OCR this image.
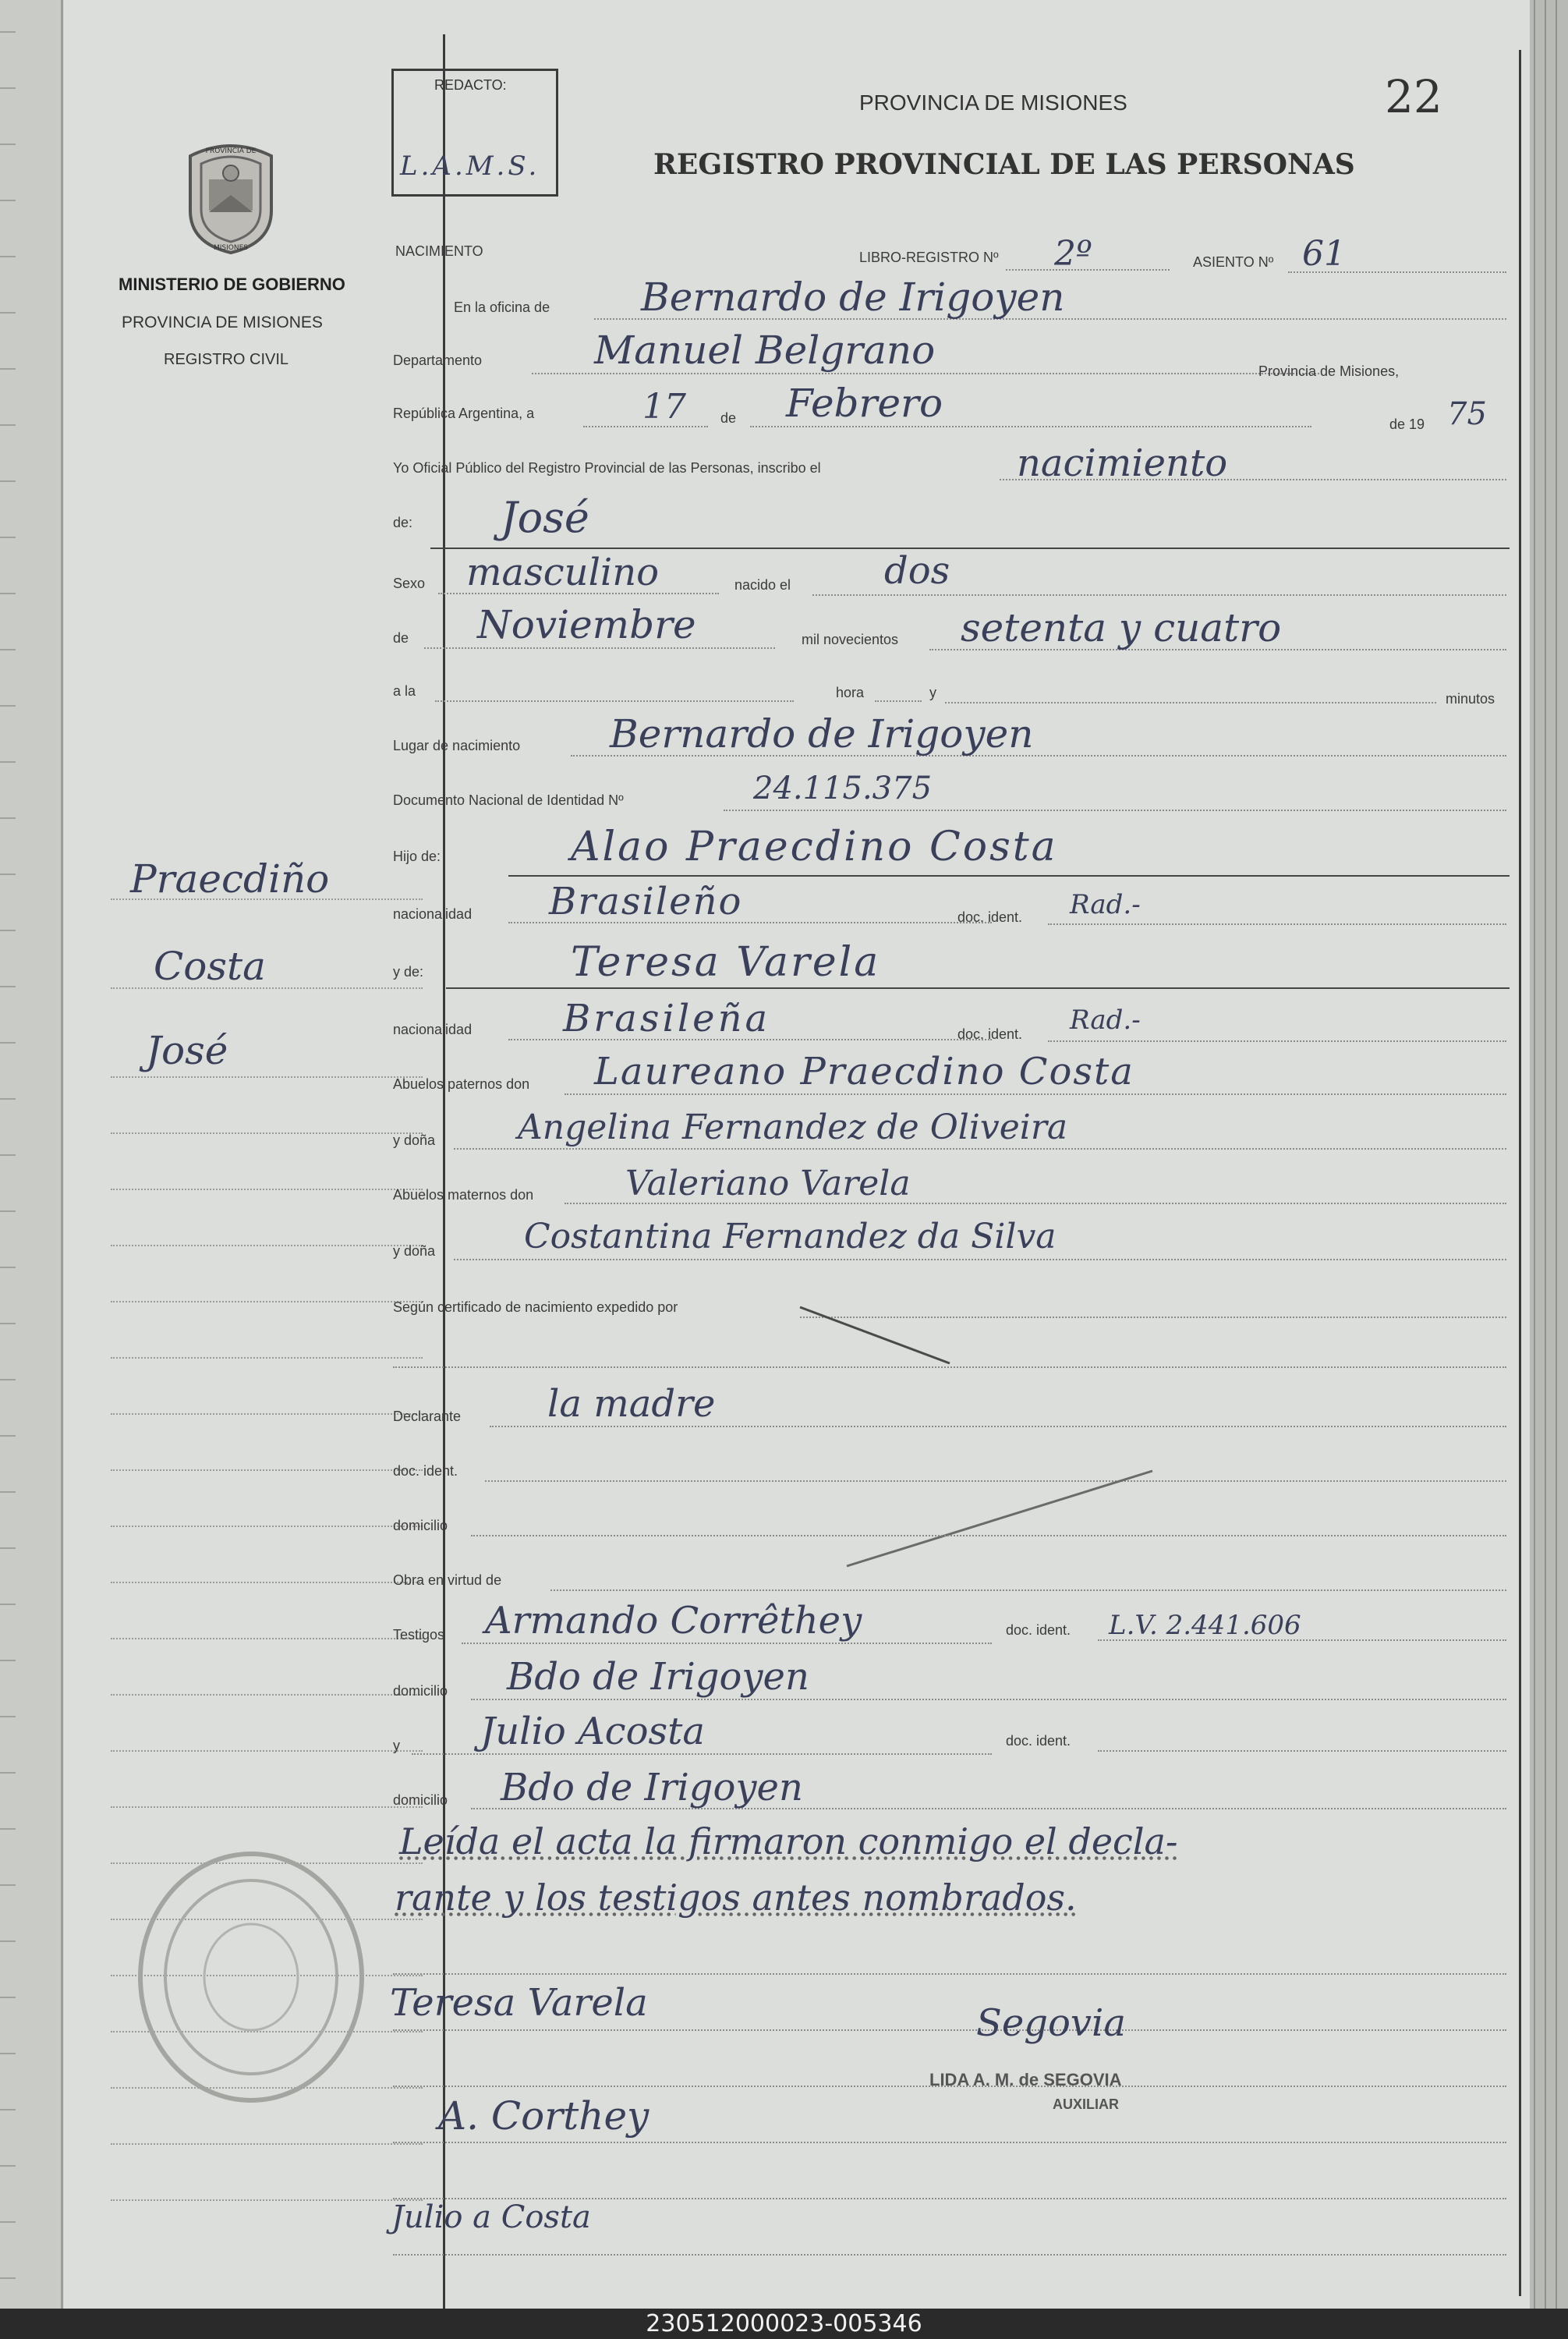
PROVINCIA DE
MISIONES
MINISTERIO DE GOBIERNO
PROVINCIA DE MISIONES
REGISTRO CIVIL
Praecdiño
Costa
José
REDACTO:
L.A.M.S.
PROVINCIA DE MISIONES
REGISTRO PROVINCIAL DE LAS PERSONAS
22
NACIMIENTO	LIBRO-REGISTRO Nº 2º	ASIENTO Nº 61
En la oficina de Bernardo de Irigoyen
Departamento	Manuel Belgrano	Provincia de Misiones,
República Argentina, a	17 de Febrero	de 19 75
Yo Oficial Público del Registro Provincial de las Personas, inscribo el	nacimiento
de: José
Sexo masculino	nacido el dos
de Noviembre	mil novecientos setenta y cuatro
a la	hora	y	minutos
Lugar de nacimiento Bernardo de Irigoyen
Documento Nacional de Identidad Nº	24.115.375
Hijo de:	Alao Praecdino Costa
nacionalidad Brasileño	doc. ident. Rad.-
y de:	Teresa Varela
nacionalidad Brasileña	doc. ident. Rad.-
Abuelos paternos don Laureano Praecdino Costa
y doña Angelina Fernandez de Oliveira
Abuelos maternos don	Valeriano Varela
y doña	Costantina Fernandez da Silva
Según certificado de nacimiento expedido por
Declarante la madre
doc. ident.
domicilio
Obra en virtud de
Testigos Armando Corrêthey	doc. ident. L.V. 2.441.606
domicilio Bdo de Irigoyen
y Julio Acosta	doc. ident.
domicilio Bdo de Irigoyen
Leída el acta la firmaron conmigo el decla-
rante y los testigos antes nombrados.
Teresa Varela
A. Corthey
Julio a Costa
Segovia
LIDA A. M. de SEGOVIA
AUXILIAR
230512000023-005346
